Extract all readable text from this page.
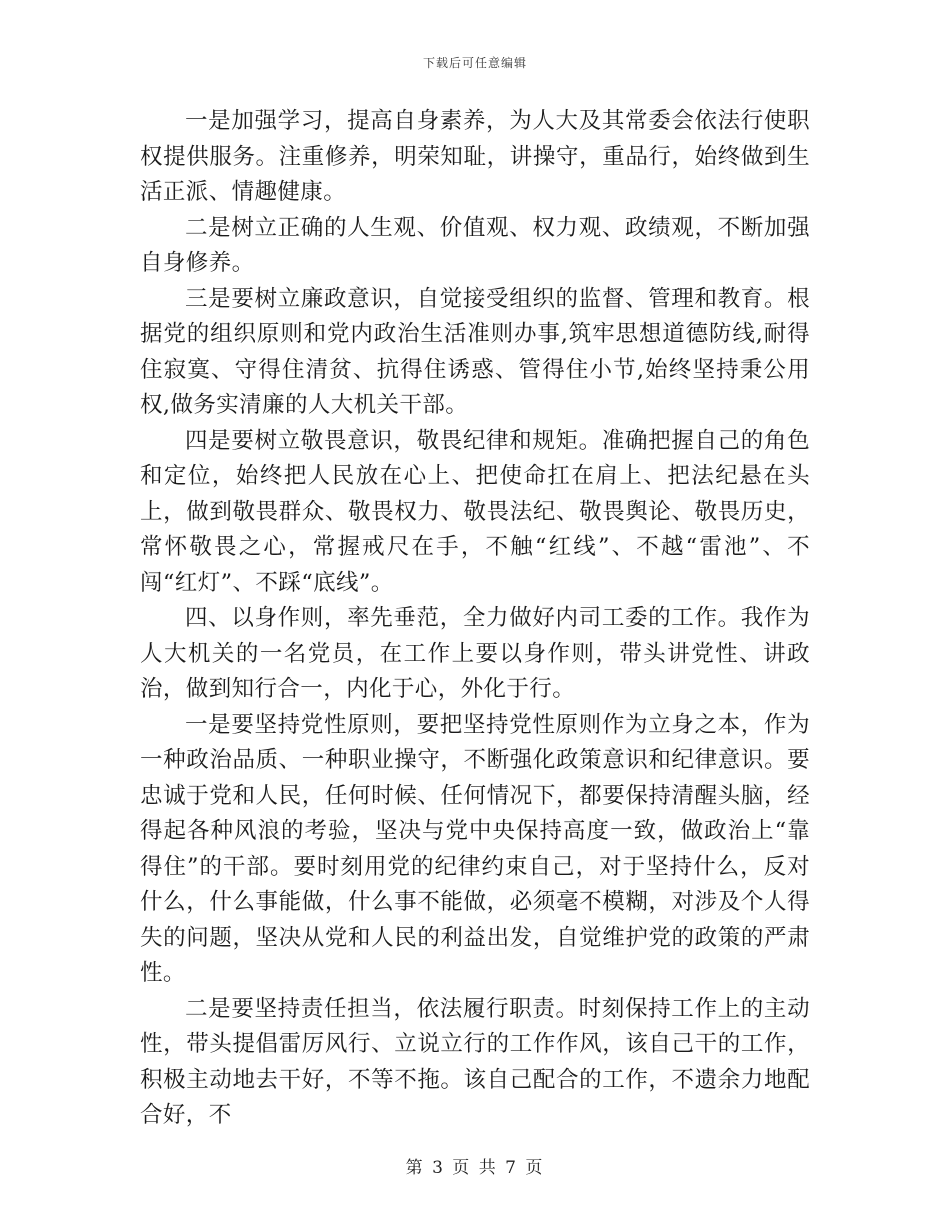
下载后可任意编辑

一是加强学习，提高自身素养，为人大及其常委会依法行使职权提供服务。注重修养，明荣知耻，讲操守，重品行，始终做到生活正派、情趣健康。

二是树立正确的人生观、价值观、权力观、政绩观，不断加强自身修养。

三是要树立廉政意识，自觉接受组织的监督、管理和教育。根据党的组织原则和党内政治生活准则办事,筑牢思想道德防线,耐得住寂寞、守得住清贫、抗得住诱惑、管得住小节,始终坚持秉公用权,做务实清廉的人大机关干部。

四是要树立敬畏意识，敬畏纪律和规矩。准确把握自己的角色和定位，始终把人民放在心上、把使命扛在肩上、把法纪悬在头上，做到敬畏群众、敬畏权力、敬畏法纪、敬畏舆论、敬畏历史，常怀敬畏之心，常握戒尺在手，不触“红线”、不越“雷池”、不闯“红灯”、不踩“底线”。

四、以身作则，率先垂范，全力做好内司工委的工作。我作为人大机关的一名党员，在工作上要以身作则，带头讲党性、讲政治，做到知行合一，内化于心，外化于行。

一是要坚持党性原则，要把坚持党性原则作为立身之本，作为一种政治品质、一种职业操守，不断强化政策意识和纪律意识。要忠诚于党和人民，任何时候、任何情况下，都要保持清醒头脑，经得起各种风浪的考验，坚决与党中央保持高度一致，做政治上“靠得住”的干部。要时刻用党的纪律约束自己，对于坚持什么，反对什么，什么事能做，什么事不能做，必须毫不模糊，对涉及个人得失的问题，坚决从党和人民的利益出发，自觉维护党的政策的严肃性。

二是要坚持责任担当，依法履行职责。时刻保持工作上的主动性，带头提倡雷厉风行、立说立行的工作作风，该自己干的工作，积极主动地去干好，不等不拖。该自己配合的工作，不遗余力地配合好，不

第 3 页 共 7 页
